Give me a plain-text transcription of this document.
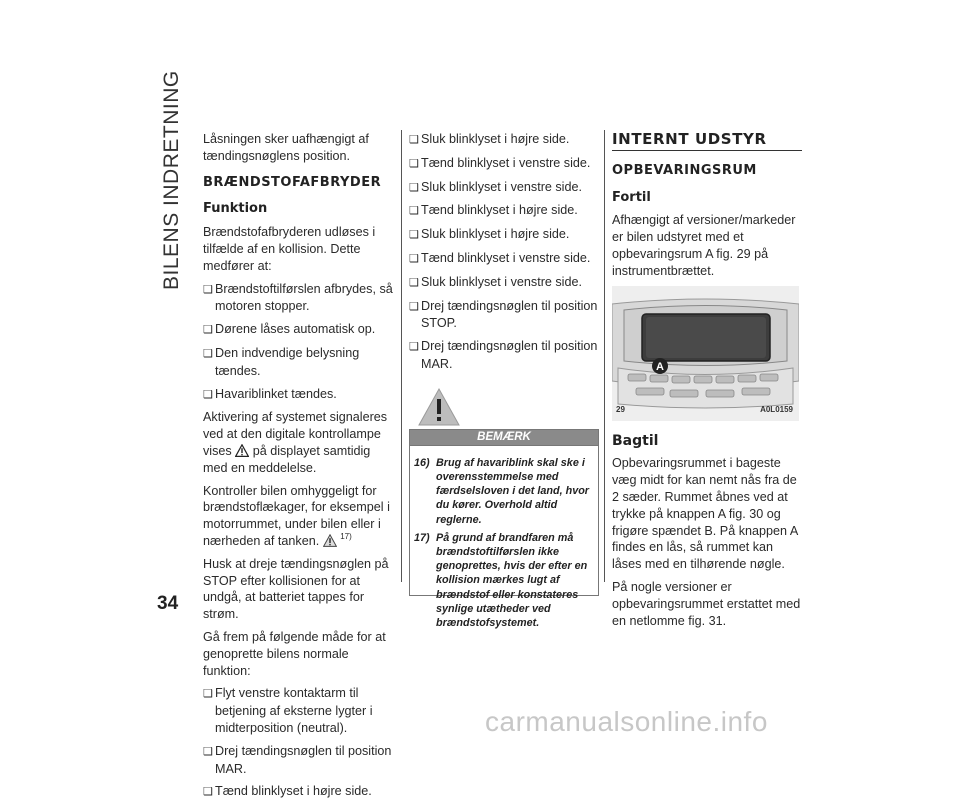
BILENS INDRETNING
34

Låsningen sker uafhængigt af tændingsnøglens position.

BRÆNDSTOFAFBRYDER
Funktion

Brændstofafbryderen udløses i tilfælde af en kollision. Dette medfører at:

❑ Brændstoftilførslen afbrydes, så motoren stopper.
❑ Dørene låses automatisk op.
❑ Den indvendige belysning tændes.
❑ Havariblinket tændes.

Aktivering af systemet signaleres ved at den digitale kontrollampe vises på displayet samtidig med en meddelelse.

Kontroller bilen omhyggeligt for brændstoflækager, for eksempel i motorrummet, under bilen eller i nærheden af tanken.	$^{17)}$

Husk at dreje tændingsnøglen på STOP efter kollisionen for at undgå, at batteriet tappes for strøm.

Gå frem på følgende måde for at genoprette bilens normale funktion:

❑ Flyt venstre kontaktarm til betjening af eksterne lygter i midterposition (neutral).
❑ Drej tændingsnøglen til position MAR.
❑ Tænd blinklyset i højre side.
❑ Sluk blinklyset i højre side.
❑ Tænd blinklyset i venstre side.
❑ Sluk blinklyset i venstre side.
❑ Tænd blinklyset i højre side.
❑ Sluk blinklyset i højre side.
❑ Tænd blinklyset i venstre side.
❑ Sluk blinklyset i venstre side.
❑ Drej tændingsnøglen til position STOP.
❑ Drej tændingsnøglen til position MAR.
BEMÆRK
16) Brug af havariblink skal ske i overensstemmelse med færdselsloven i det land, hvor du kører. Overhold altid reglerne.
17) På grund af brandfaren må brændstoftilførslen ikke genoprettes, hvis der efter en kollision mærkes lugt af brændstof eller konstateres synlige utætheder ved brændstofsystemet.
INTERNT UDSTYR
OPBEVARINGSRUM
Fortil

Afhængigt af versioner/markeder er bilen udstyret med et opbevaringsrum A fig. 29 på instrumentbrættet.

A
29	A0L0159
Bagtil

Opbevaringsrummet i bageste væg midt for kan nemt nås fra de 2 sæder. Rummet åbnes ved at trykke på knappen A fig. 30 og frigøre spændet B. På knappen A findes en lås, så rummet kan låses med en tilhørende nøgle.

På nogle versioner er opbevaringsrummet erstattet med en netlomme fig. 31.

carmanualsonline.info
